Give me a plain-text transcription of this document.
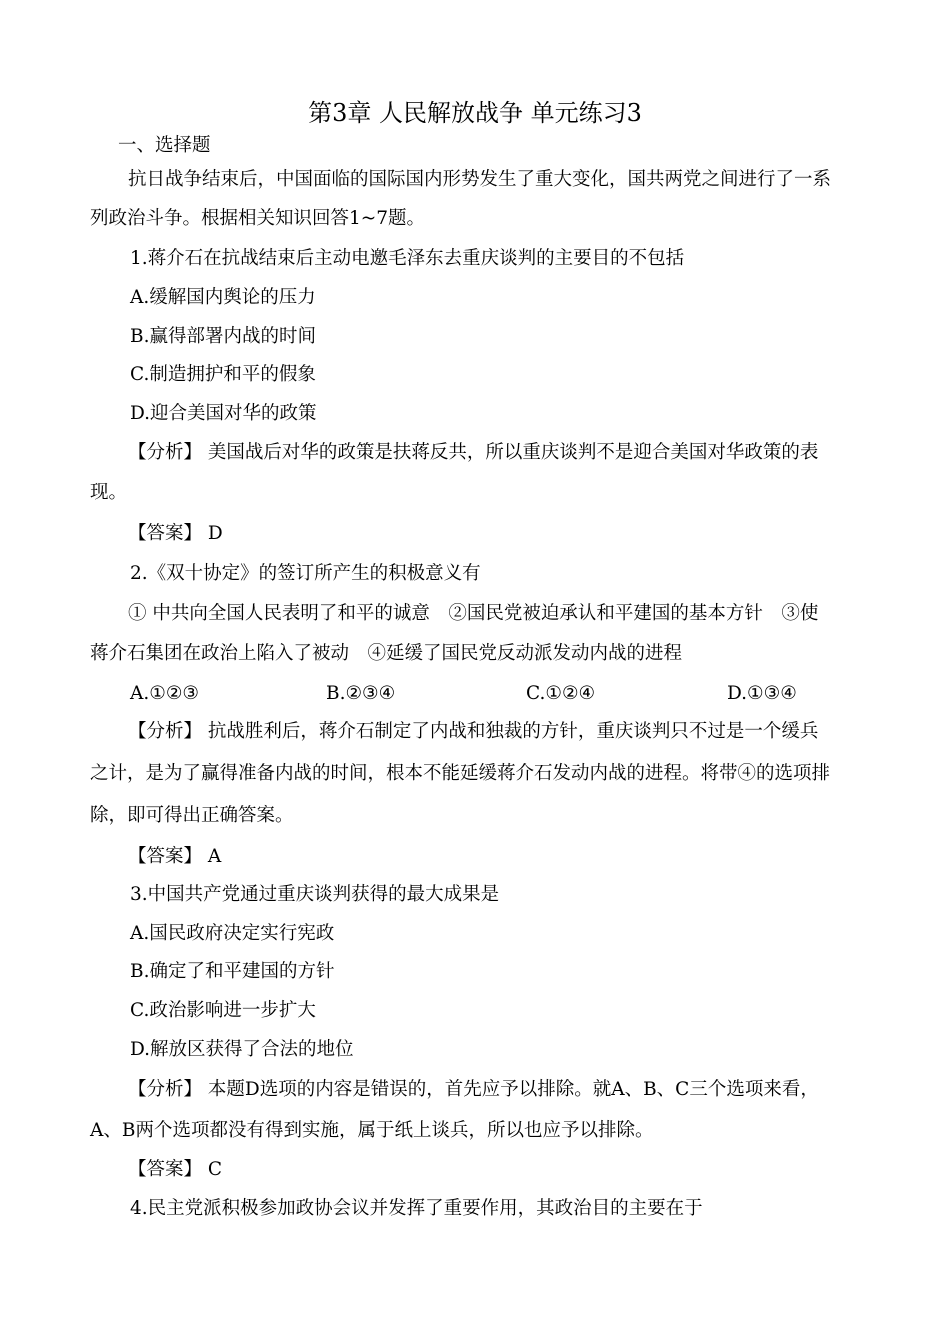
第3章 人民解放战争 单元练习3
一、选择题
抗日战争结束后，中国面临的国际国内形势发生了重大变化，国共两党之间进行了一系
列政治斗争。根据相关知识回答1~7题。
1.蒋介石在抗战结束后主动电邀毛泽东去重庆谈判的主要目的不包括
A.缓解国内舆论的压力
B.赢得部署内战的时间
C.制造拥护和平的假象
D.迎合美国对华的政策
【分析】 美国战后对华的政策是扶蒋反共，所以重庆谈判不是迎合美国对华政策的表
现。
【答案】 D
2.《双十协定》的签订所产生的积极意义有
① 中共向全国人民表明了和平的诚意　②国民党被迫承认和平建国的基本方针　③使
蒋介石集团在政治上陷入了被动　④延缓了国民党反动派发动内战的进程
A.①②③	B.②③④	C.①②④	D.①③④
【分析】 抗战胜利后，蒋介石制定了内战和独裁的方针，重庆谈判只不过是一个缓兵
之计，是为了赢得准备内战的时间，根本不能延缓蒋介石发动内战的进程。将带④的选项排
除，即可得出正确答案。
【答案】 A
3.中国共产党通过重庆谈判获得的最大成果是
A.国民政府决定实行宪政
B.确定了和平建国的方针
C.政治影响进一步扩大
D.解放区获得了合法的地位
【分析】 本题D选项的内容是错误的，首先应予以排除。就A、B、C三个选项来看，
A、B两个选项都没有得到实施，属于纸上谈兵，所以也应予以排除。
【答案】 C
4.民主党派积极参加政协会议并发挥了重要作用，其政治目的主要在于
